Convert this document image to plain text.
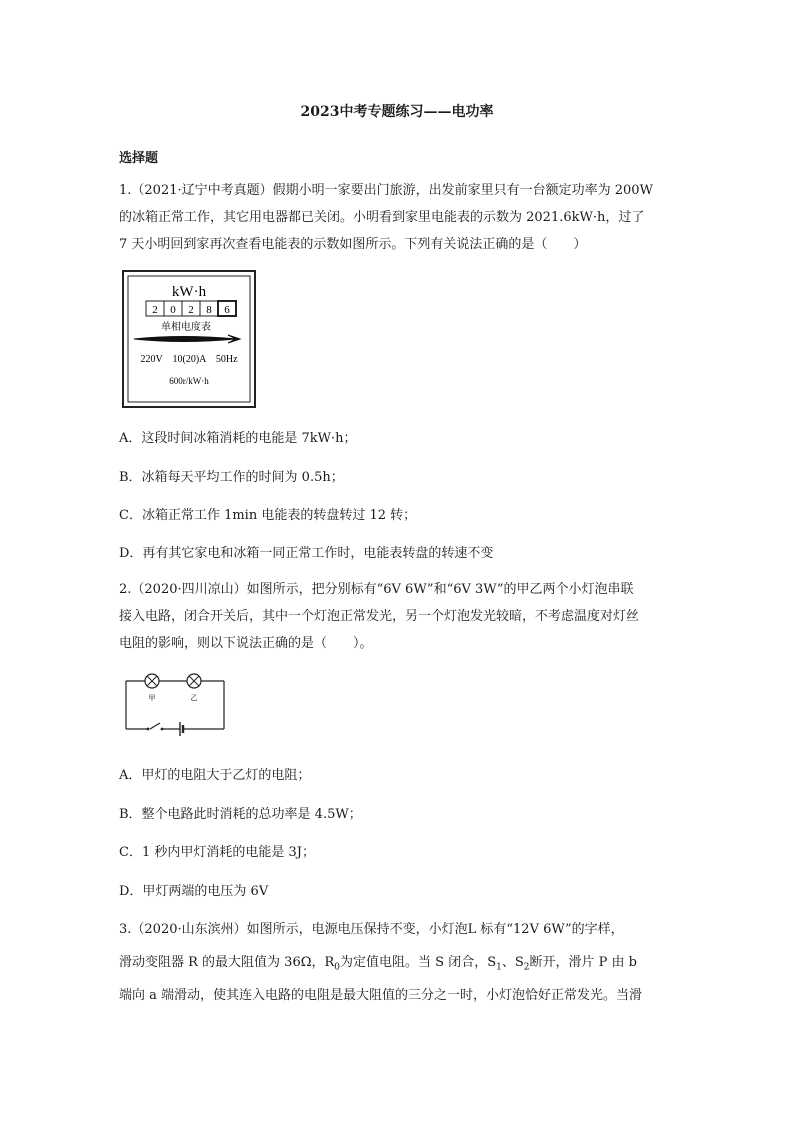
2023中考专题练习——电功率
选择题
1.（2021·辽宁中考真题）假期小明一家要出门旅游，出发前家里只有一台额定功率为 200W
的冰箱正常工作，其它用电器都已关闭。小明看到家里电能表的示数为 2021.6kW·h，过了
7 天小明回到家再次查看电能表的示数如图所示。下列有关说法正确的是（　　）
kW·h
2 0 2 8 6
单相电度表
220V　10(20)A　50Hz
600r/kW·h
A．这段时间冰箱消耗的电能是 7kW·h；
B．冰箱每天平均工作的时间为 0.5h；
C．冰箱正常工作 1min 电能表的转盘转过 12 转；
D．再有其它家电和冰箱一同正常工作时，电能表转盘的转速不变
2.（2020·四川凉山）如图所示，把分别标有“6V 6W”和“6V 3W”的甲乙两个小灯泡串联
接入电路，闭合开关后，其中一个灯泡正常发光，另一个灯泡发光较暗，不考虑温度对灯丝
电阻的影响，则以下说法正确的是（　　）。
甲	乙
A．甲灯的电阻大于乙灯的电阻；
B．整个电路此时消耗的总功率是 4.5W；
C．1 秒内甲灯消耗的电能是 3J；
D．甲灯两端的电压为 6V
3.（2020·山东滨州）如图所示，电源电压保持不变，小灯泡L 标有“12V 6W”的字样，
滑动变阻器 R 的最大阻值为 36Ω，$R_0$为定值电阻。当 S 闭合，$S_1$、$S_2$断开，滑片 P 由 b
端向 a 端滑动，使其连入电路的电阻是最大阻值的三分之一时，小灯泡恰好正常发光。当滑
